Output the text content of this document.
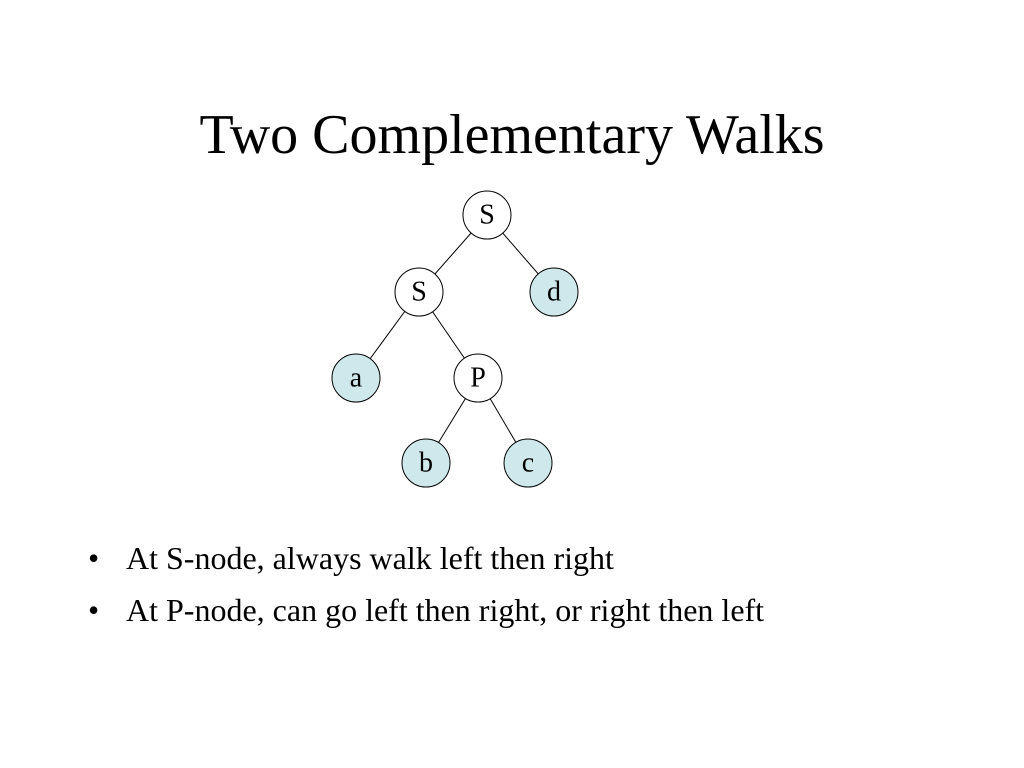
Two Complementary Walks
S
S	d
a	P
b	c
• At S-node, always walk left then right
• At P-node, can go left then right, or right then left
